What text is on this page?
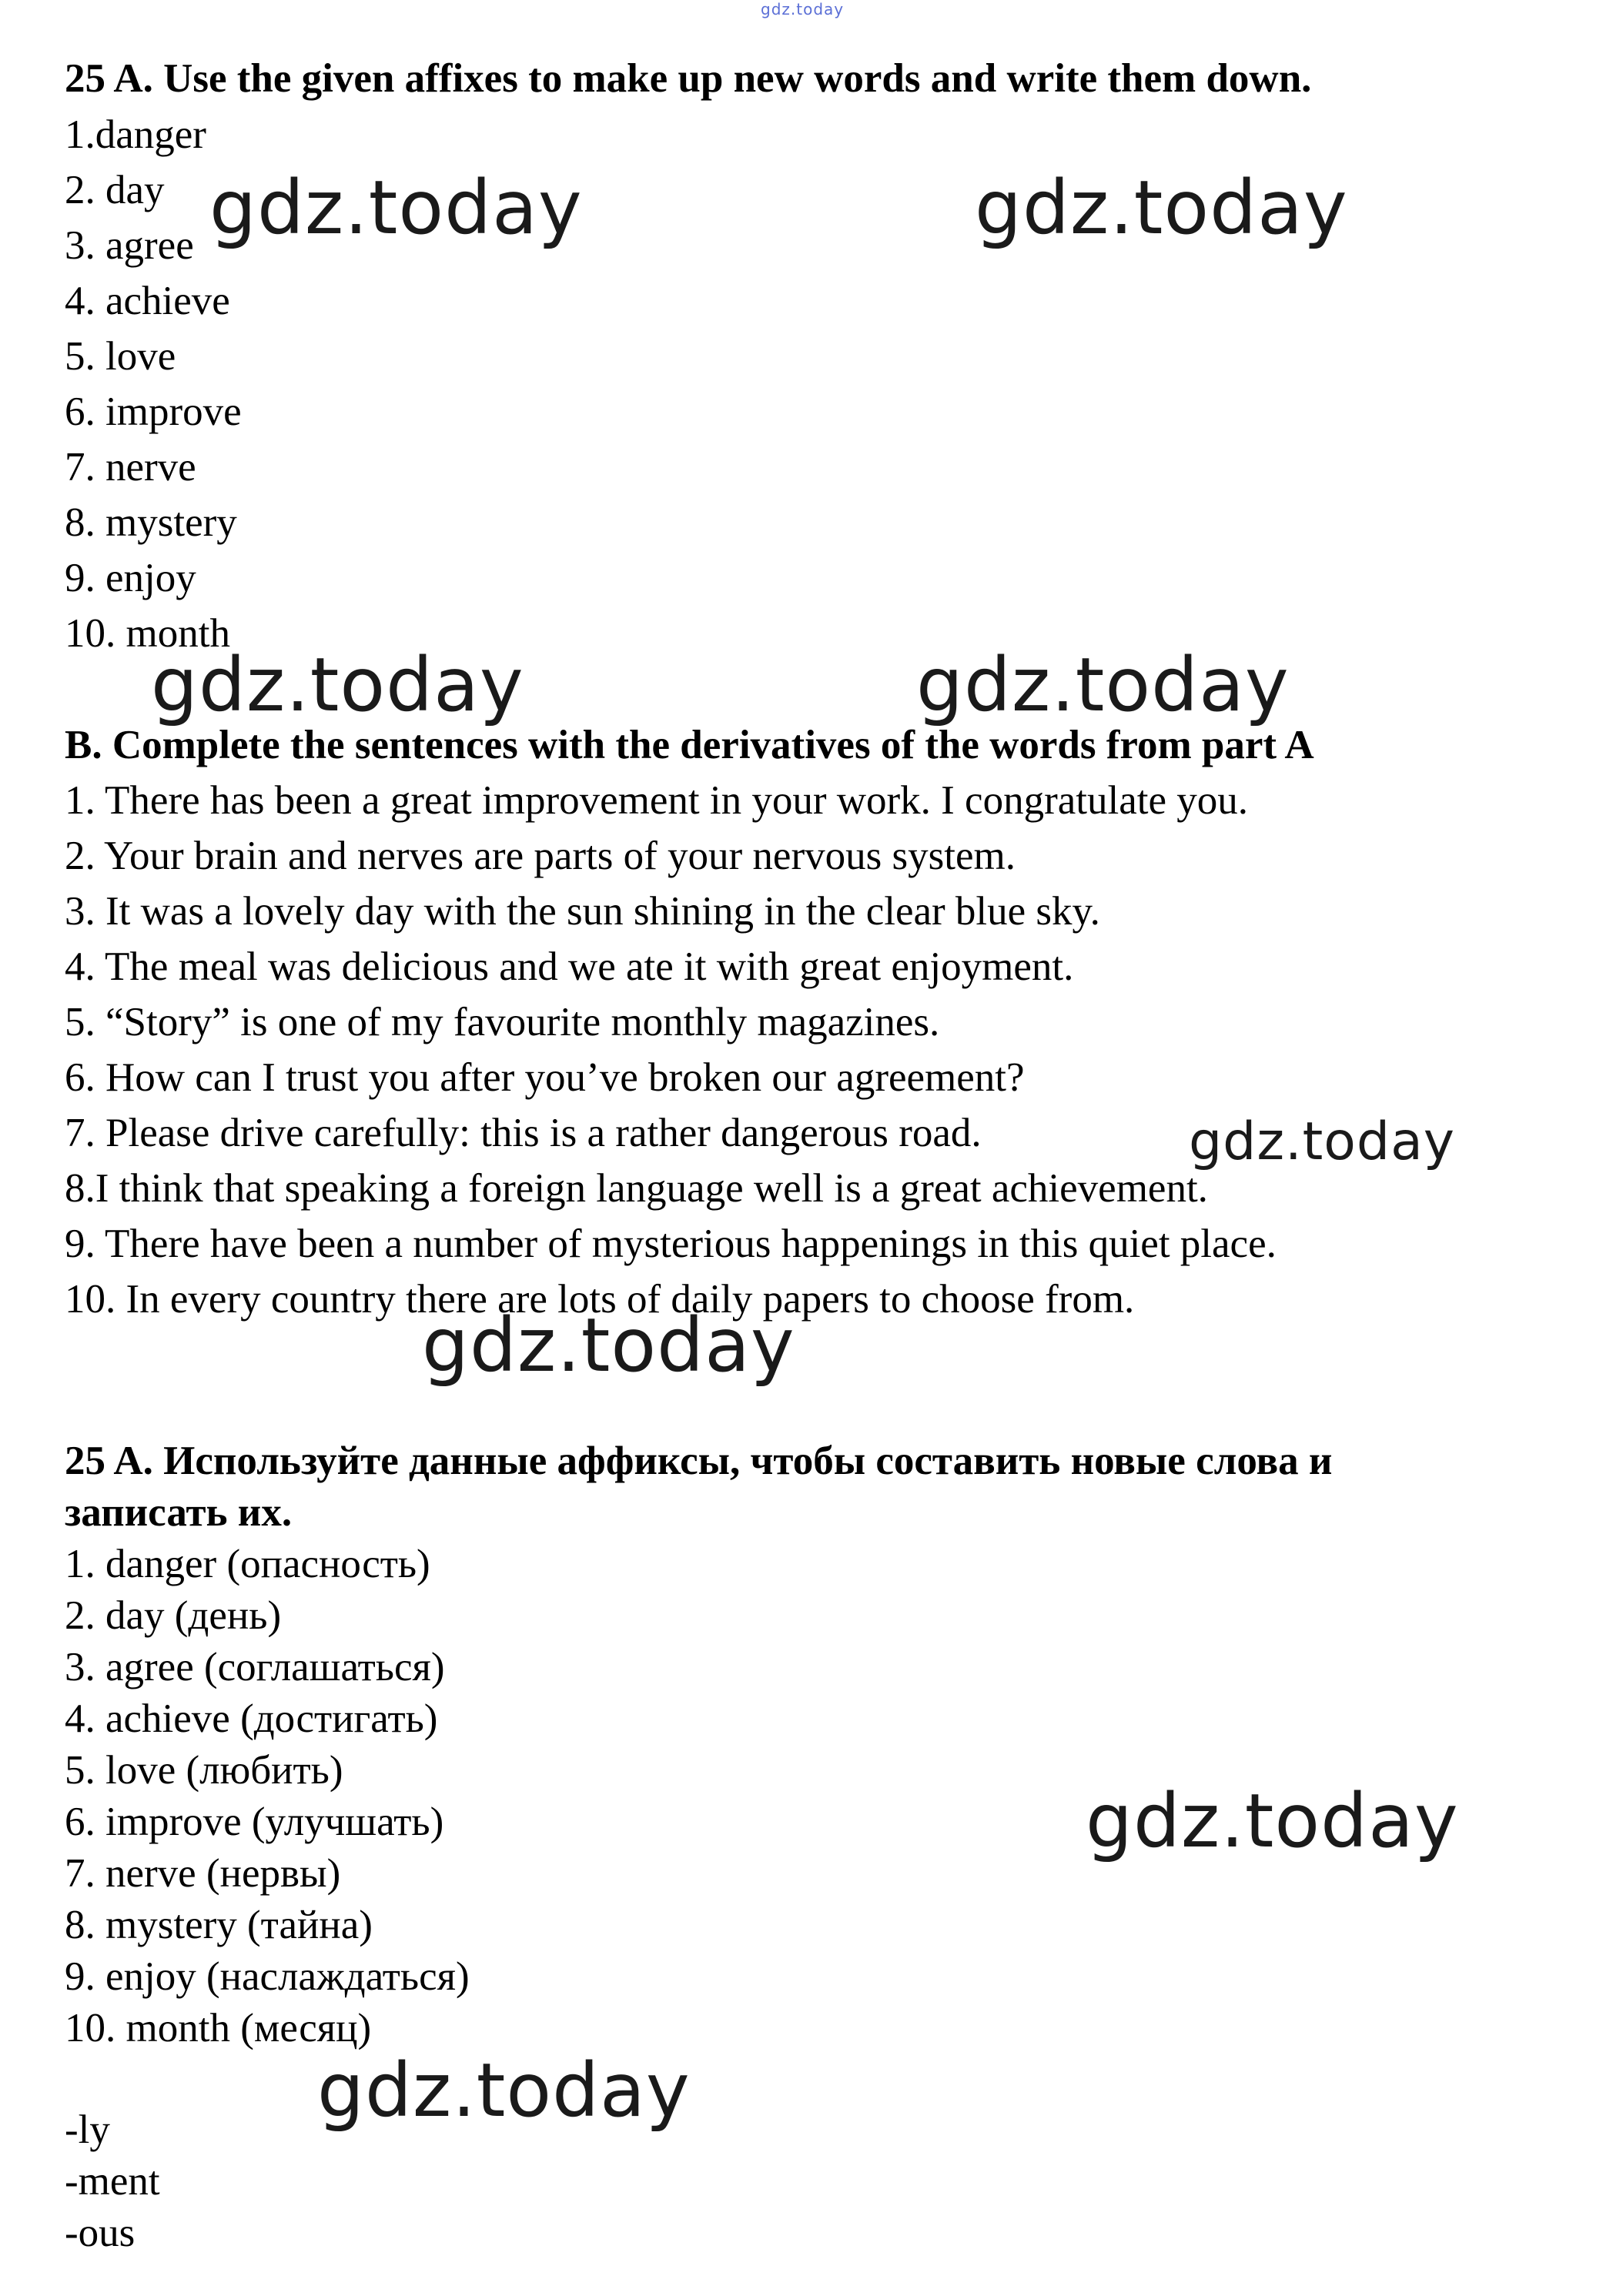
gdz.today
25 A. Use the given affixes to make up new words and write them down.
1.danger
2. day
3. agree
4. achieve
5. love
6. improve
7. nerve
8. mystery
9. enjoy
10. month
B. Complete the sentences with the derivatives of the words from part A
1. There has been a great improvement in your work. I congratulate you.
2. Your brain and nerves are parts of your nervous system.
3. It was a lovely day with the sun shining in the clear blue sky.
4. The meal was delicious and we ate it with great enjoyment.
5. “Story” is one of my favourite monthly magazines.
6. How can I trust you after you’ve broken our agreement?
7. Please drive carefully: this is a rather dangerous road.
8.I think that speaking a foreign language well is a great achievement.
9. There have been a number of mysterious happenings in this quiet place.
10. In every country there are lots of daily papers to choose from.
25 A. Используйте данные аффиксы, чтобы составить новые слова и
записать их.
1. danger (опасность)
2. day (день)
3. agree (соглашаться)
4. achieve (достигать)
5. love (любить)
6. improve (улучшать)
7. nerve (нервы)
8. mystery (тайна)
9. enjoy (наслаждаться)
10. month (месяц)
-ly
-ment
-ous
gdz.today	gdz.today
gdz.today	gdz.today
gdz.today
gdz.today
gdz.today
gdz.today
